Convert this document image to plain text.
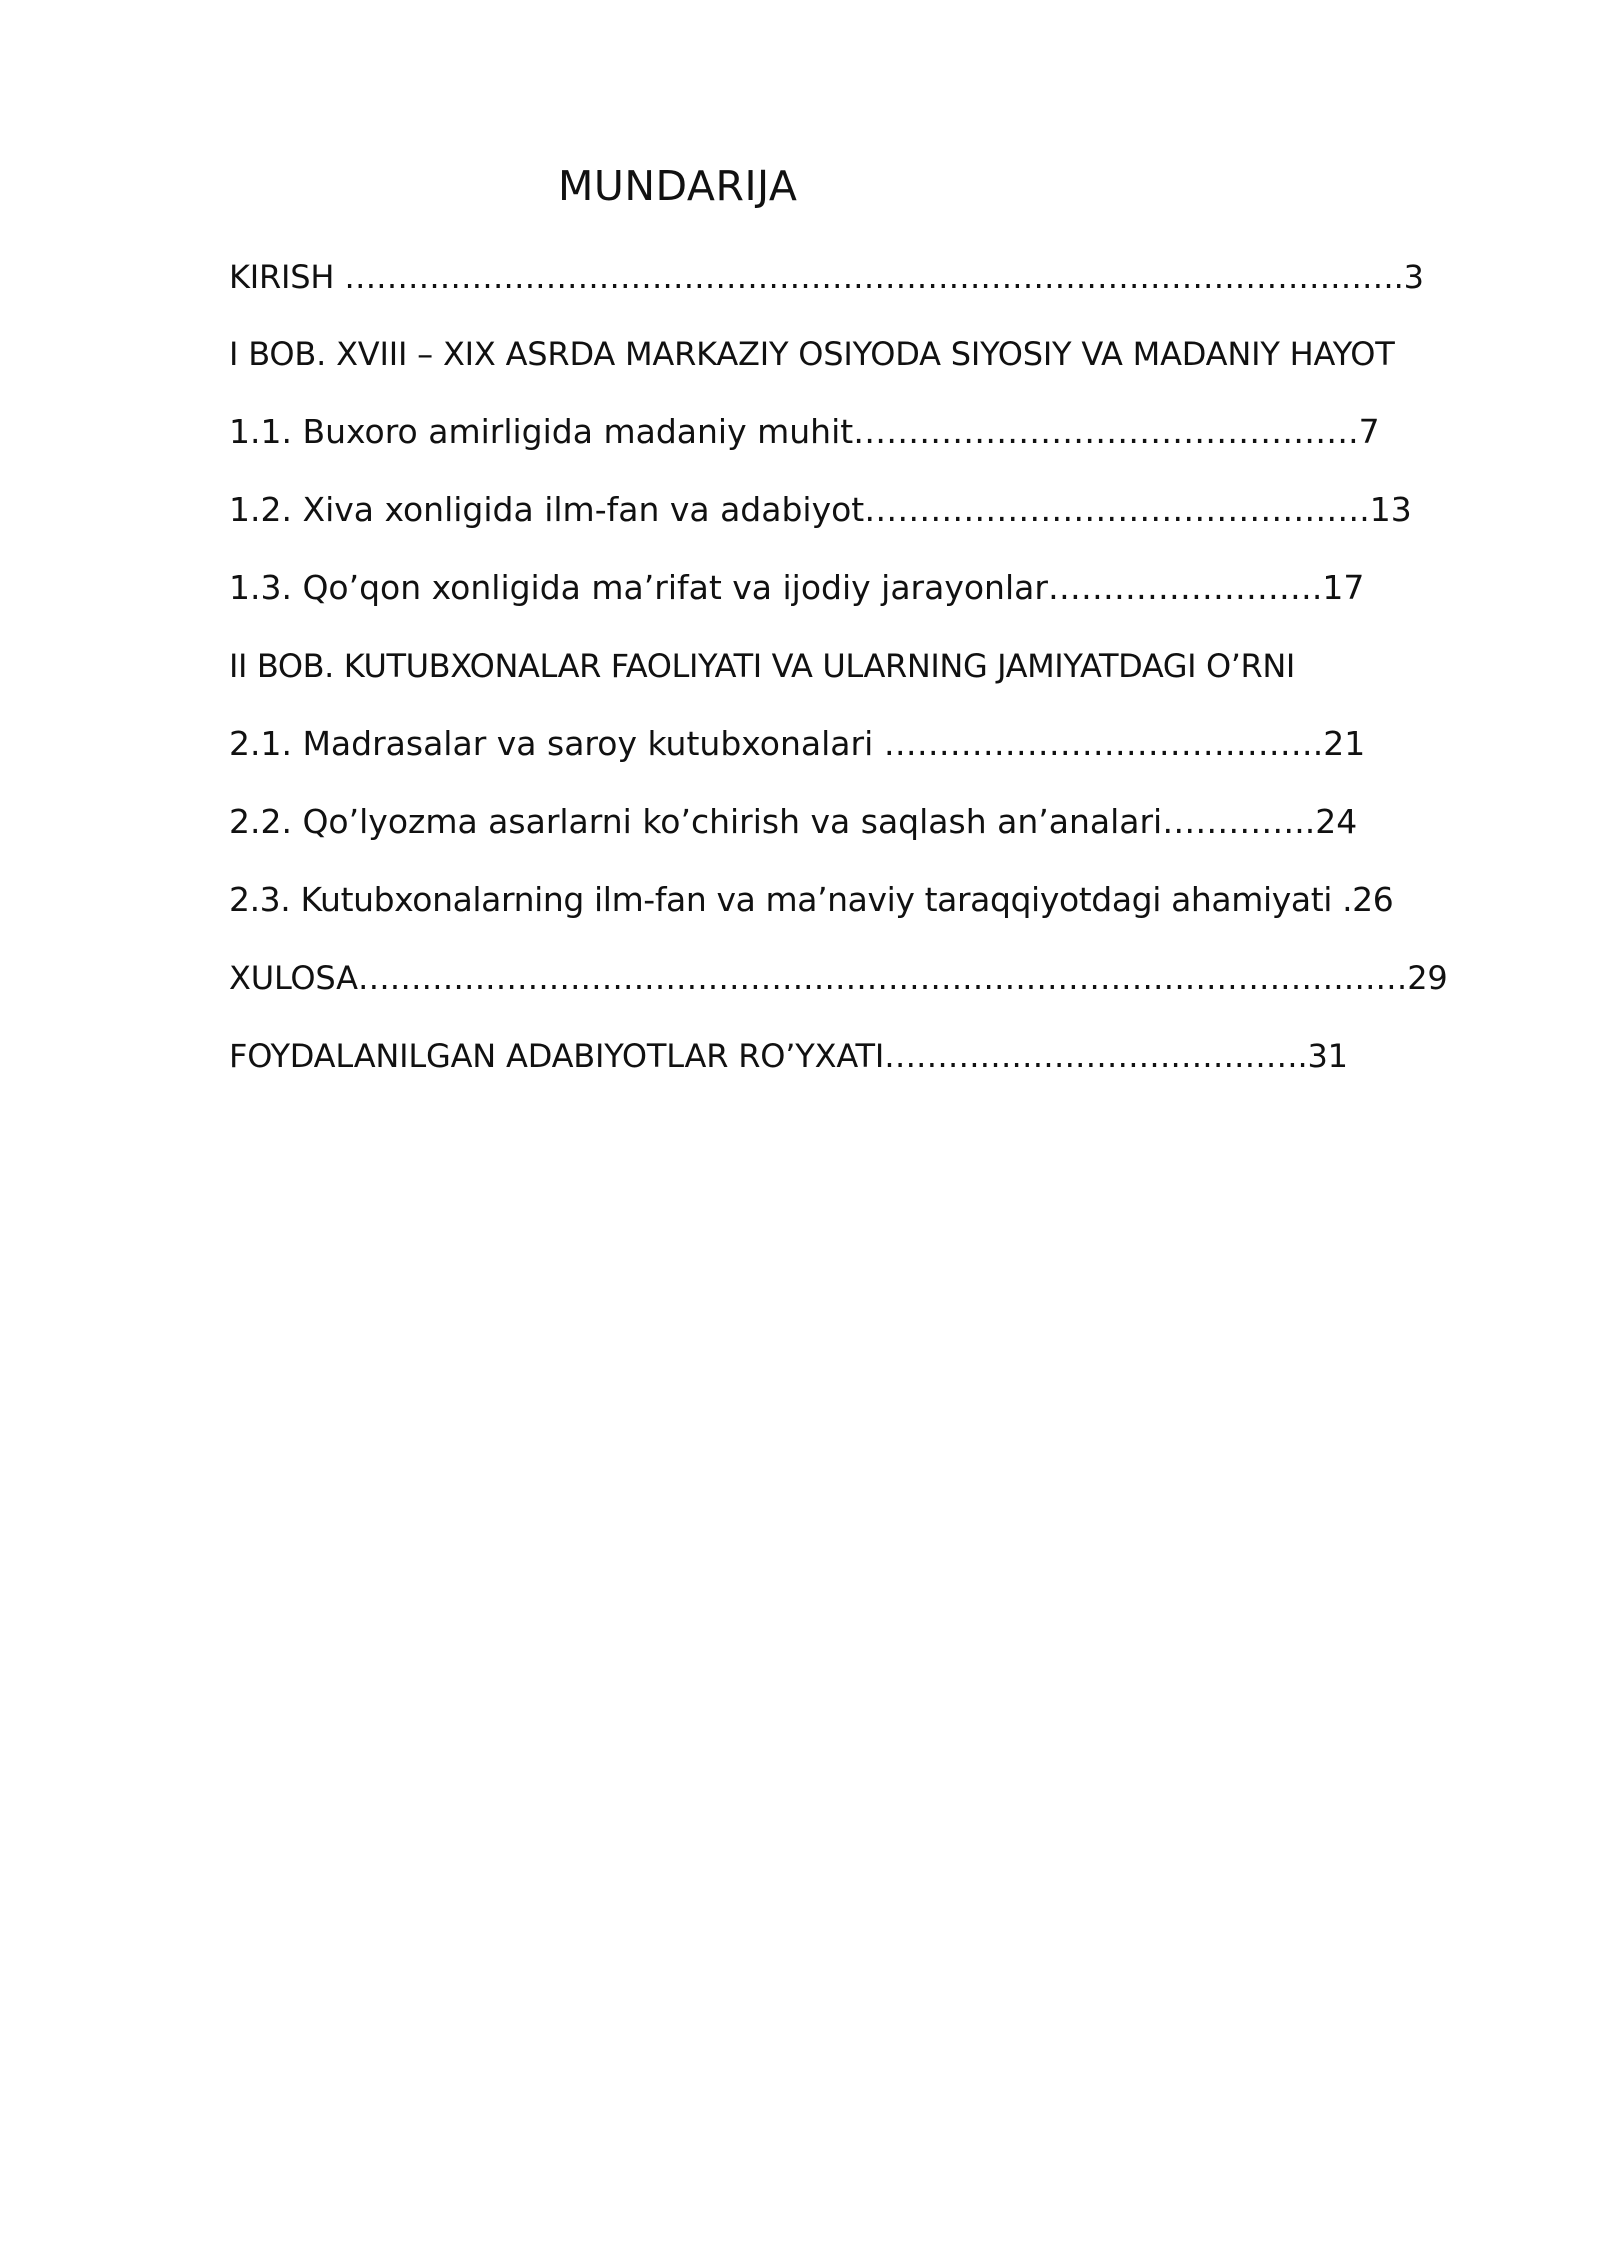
MUNDARIJA
KIRISH ……………………………………………………………………………………….3
I BOB. XVIII – XIX ASRDA MARKAZIY OSIYODA SIYOSIY VA MADANIY HAYOT
1.1. Buxoro amirligida madaniy muhit……………………………………….7
1.2. Xiva xonligida ilm-fan va adabiyot……………………………………….13
1.3. Qo’qon xonligida ma’rifat va ijodiy jarayonlar…………………….17
II BOB. KUTUBXONALAR FAOLIYATI VA ULARNING JAMIYATDAGI O’RNI
2.1. Madrasalar va saroy kutubxonalari ………………………………….21
2.2. Qo’lyozma asarlarni ko’chirish va saqlash an’analari…………..24
2.3. Kutubxonalarning ilm-fan va ma’naviy taraqqiyotdagi ahamiyati .26
XULOSA………………………………………………………………………………………29
FOYDALANILGAN ADABIYOTLAR RO’YXATI………………………………….31
